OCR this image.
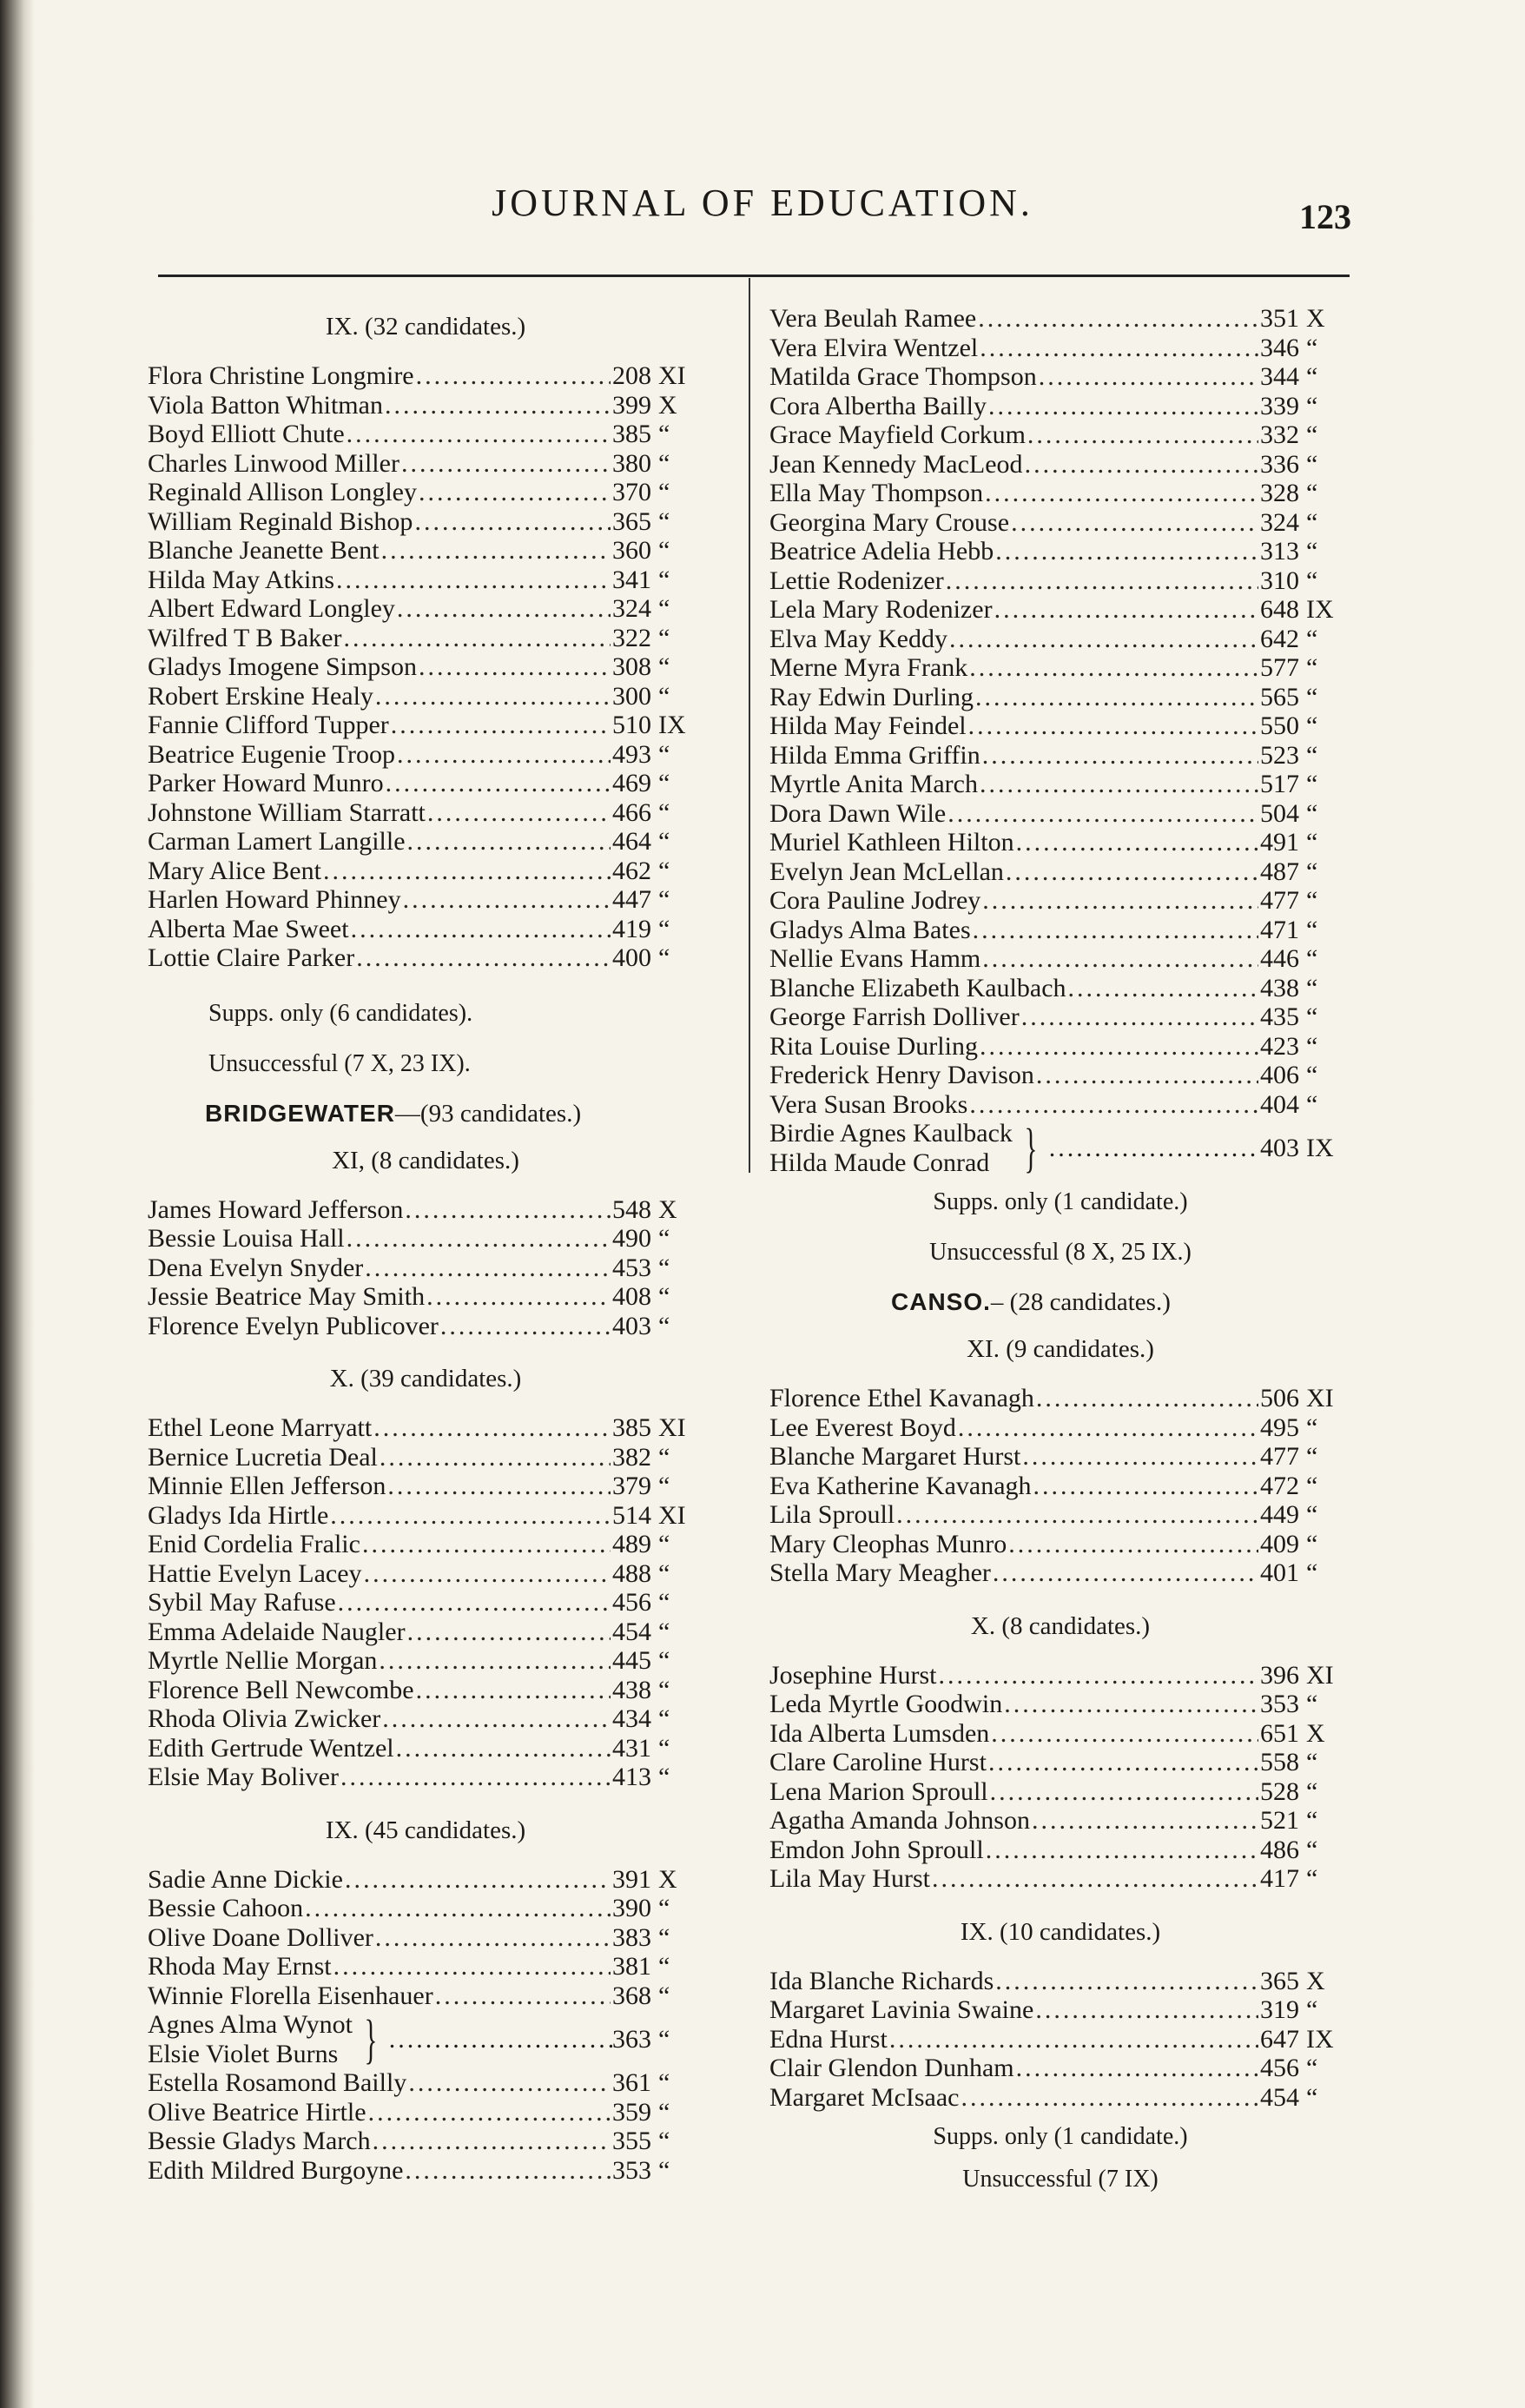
JOURNAL OF EDUCATION.	123
IX. (32 candidates.)
Flora Christine Longmire .....	208 XI
Viola Batton Whitman .....	399 X
Boyd Elliott Chute .....	385 “
Charles Linwood Miller .....	380 “
Reginald Allison Longley .....	370 “
William Reginald Bishop .....	365 “
Blanche Jeanette Bent .....	360 “
Hilda May Atkins .....	341 “
Albert Edward Longley .....	324 “
Wilfred T B Baker .....	322 “
Gladys Imogene Simpson .....	308 “
Robert Erskine Healy .....	300 “
Fannie Clifford Tupper .....	510 IX
Beatrice Eugenie Troop .....	493 “
Parker Howard Munro .....	469 “
Johnstone William Starratt .....	466 “
Carman Lamert Langille .....	464 “
Mary Alice Bent .....	462 “
Harlen Howard Phinney .....	447 “
Alberta Mae Sweet .....	419 “
Lottie Claire Parker .....	400 “
Supps. only (6 candidates).
Unsuccessful (7 X, 23 IX).
BRIDGEWATER—(93 candidates.)
XI, (8 candidates.)
James Howard Jefferson .....	548 X
Bessie Louisa Hall .....	490 “
Dena Evelyn Snyder .....	453 “
Jessie Beatrice May Smith .....	408 “
Florence Evelyn Publicover .....	403 “
X. (39 candidates.)
Ethel Leone Marryatt .....	385 XI
Bernice Lucretia Deal .....	382 “
Minnie Ellen Jefferson .....	379 “
Gladys Ida Hirtle .....	514 XI
Enid Cordelia Fralic .....	489 “
Hattie Evelyn Lacey .....	488 “
Sybil May Rafuse .....	456 “
Emma Adelaide Naugler .....	454 “
Myrtle Nellie Morgan .....	445 “
Florence Bell Newcombe .....	438 “
Rhoda Olivia Zwicker .....	434 “
Edith Gertrude Wentzel .....	431 “
Elsie May Boliver .....	413 “
IX. (45 candidates.)
Sadie Anne Dickie .....	391 X
Bessie Cahoon .....	390 “
Olive Doane Dolliver .....	383 “
Rhoda May Ernst .....	381 “
Winnie Florella Eisenhauer .....	368 “
Agnes Alma Wynot
Elsie Violet Burns } .....	363 “
Estella Rosamond Bailly .....	361 “
Olive Beatrice Hirtle .....	359 “
Bessie Gladys March .....	355 “
Edith Mildred Burgoyne .....	353 “
Vera Beulah Ramee .....	351 X
Vera Elvira Wentzel .....	346 “
Matilda Grace Thompson .....	344 “
Cora Albertha Bailly .....	339 “
Grace Mayfield Corkum .....	332 “
Jean Kennedy MacLeod .....	336 “
Ella May Thompson .....	328 “
Georgina Mary Crouse .....	324 “
Beatrice Adelia Hebb .....	313 “
Lettie Rodenizer .....	310 “
Lela Mary Rodenizer .....	648 IX
Elva May Keddy .....	642 “
Merne Myra Frank .....	577 “
Ray Edwin Durling .....	565 “
Hilda May Feindel .....	550 “
Hilda Emma Griffin .....	523 “
Myrtle Anita March .....	517 “
Dora Dawn Wile .....	504 “
Muriel Kathleen Hilton .....	491 “
Evelyn Jean McLellan .....	487 “
Cora Pauline Jodrey .....	477 “
Gladys Alma Bates .....	471 “
Nellie Evans Hamm .....	446 “
Blanche Elizabeth Kaulbach .....	438 “
George Farrish Dolliver .....	435 “
Rita Louise Durling .....	423 “
Frederick Henry Davison .....	406 “
Vera Susan Brooks .....	404 “
Birdie Agnes Kaulback
Hilda Maude Conrad } .....	403 IX
Supps. only (1 candidate.)
Unsuccessful (8 X, 25 IX.)
CANSO.– (28 candidates.)
XI. (9 candidates.)
Florence Ethel Kavanagh .....	506 XI
Lee Everest Boyd .....	495 “
Blanche Margaret Hurst .....	477 “
Eva Katherine Kavanagh .....	472 “
Lila Sproull .....	449 “
Mary Cleophas Munro .....	409 “
Stella Mary Meagher .....	401 “
X. (8 candidates.)
Josephine Hurst .....	396 XI
Leda Myrtle Goodwin .....	353 “
Ida Alberta Lumsden .....	651 X
Clare Caroline Hurst .....	558 “
Lena Marion Sproull .....	528 “
Agatha Amanda Johnson .....	521 “
Emdon John Sproull .....	486 “
Lila May Hurst .....	417 “
IX. (10 candidates.)
Ida Blanche Richards .....	365 X
Margaret Lavinia Swaine .....	319 “
Edna Hurst .....	647 IX
Clair Glendon Dunham .....	456 “
Margaret McIsaac .....	454 “
Supps. only (1 candidate.)
Unsuccessful (7 IX)
